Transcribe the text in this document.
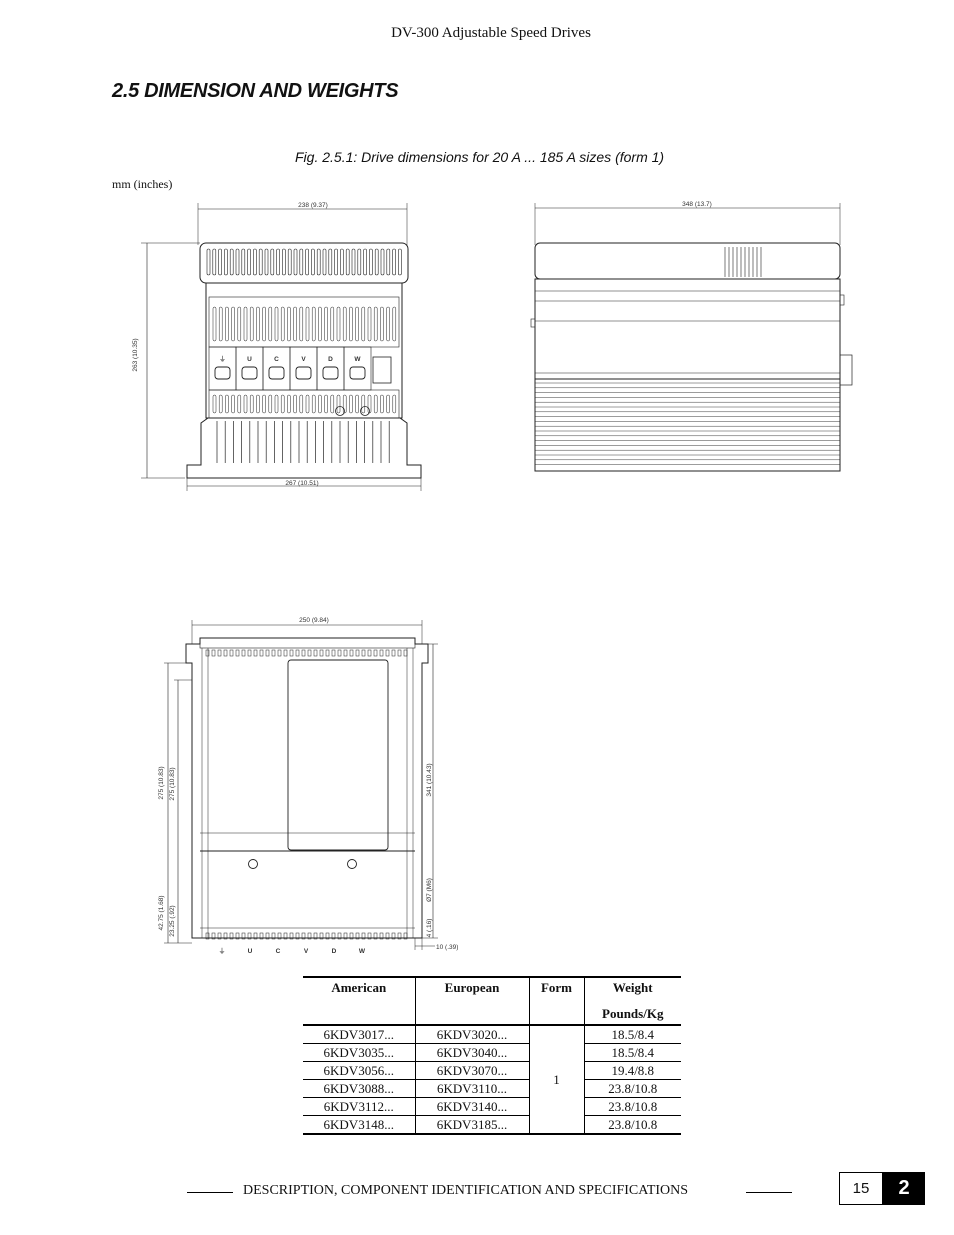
DV-300 Adjustable Speed Drives
2.5 DIMENSION AND WEIGHTS
Fig. 2.5.1: Drive dimensions for 20 A ... 185 A sizes (form 1)
mm (inches)
238 (9.37)
263 (10.35)	⏚	U	C	V	D	W
267 (10.51)
348 (13.7)
250 (9.84)
⏚	U	C	V	D	W
275 (10.83) 275 (10.83)
42.75 (1.68) 23.25 (.92)
341 (10.43)
Ø7 (M6)
4 (.16)
10 (.39)
American	European	Form	Weight
Pounds/Kg
6KDV3017...	6KDV3020...	1	18.5/8.4
6KDV3035...	6KDV3040...		18.5/8.4
6KDV3056...	6KDV3070...		19.4/8.8
6KDV3088...	6KDV3110...		23.8/10.8
6KDV3112...	6KDV3140...		23.8/10.8
6KDV3148...	6KDV3185...		23.8/10.8
DESCRIPTION, COMPONENT IDENTIFICATION AND SPECIFICATIONS	15	2
